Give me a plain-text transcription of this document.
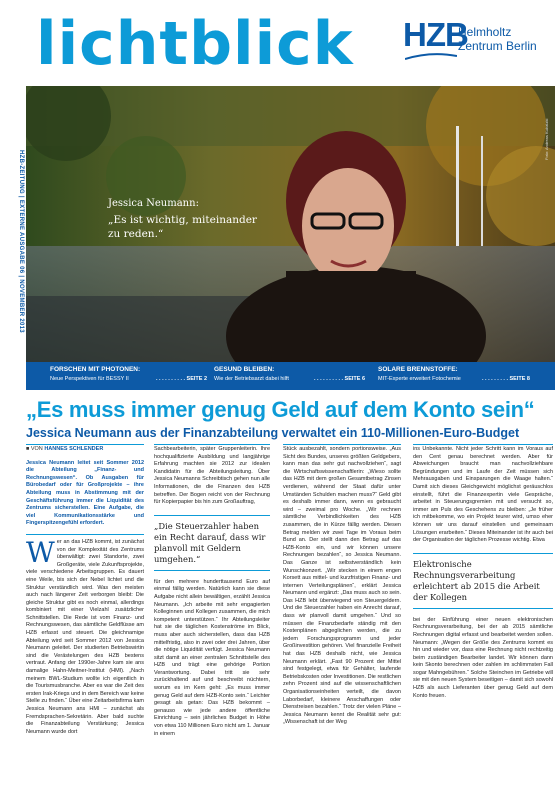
lichtblick HZB
Helmholtz
Zentrum Berlin
HZB-ZEITUNG | EXTERNE AUSGABE 06 | NOVEMBER 2013
Foto: Andreas Kubatzki
Jessica Neumann:
„Es ist wichtig, miteinander zu reden.“
FORSCHEN MIT PHOTONEN:
Neue Perspektiven für BESSY II	. . . . . . . . . . SEITE 2
GESUND BLEIBEN:
Wie der Betriebsarzt dabei hilft	. . . . . . . . . . SEITE 6
SOLARE BRENNSTOFFE:
MIT-Experte erweitert Fotochemie	. . . . . . . . . SEITE 8
„Es muss immer genug Geld auf dem Konto sein“
Jessica Neumann aus der Finanzabteilung verwaltet ein 110-Millionen-Euro-Budget
■ VON HANNES SCHLENDER
Jessica Neumann leitet seit Sommer 2012 die Abteilung „Finanz- und Rechnungswesen“. Ob Ausgaben für Bürobedarf oder für Großprojekte – ihre Abteilung muss in Abstimmung mit der Geschäftsführung immer die Liquidität des Zentrums sicherstellen. Eine Aufgabe, die viel Kommunikationsstärke und Fingerspitzengefühl erfordert.
Wer an das HZB kommt, ist zunächst von der Komplexität des Zentrums überwältigt: zwei Standorte, zwei Großgeräte, viele Zukunftsprojekte, viele verschiedene Arbeitsgruppen. Es dauert eine Weile, bis sich der Nebel lichtet und die Struktur verständlich wird. Was den meisten auch nach längerer Zeit verborgen bleibt: Die gleiche Struktur gibt es noch einmal, allerdings kombiniert mit einer Vielzahl zusätzlicher Schnittstellen. Die Rede ist vom Finanz- und Rechnungswesen, das sämtliche Geldflüsse am HZB erfasst und steuert. Die gleichnamige Abteilung wird seit Sommer 2012 von Jessica Neumann geleitet. Der studierten Betriebswirtin sind die Verästelungen des HZB bestens vertraut. Anfang der 1990er-Jahre kam sie ans damalige Hahn-Meitner-Institut (HMI). „Nach meinem BWL-Studium wollte ich eigentlich in die Tourismusbranche. Aber es war die Zeit des ersten Irak-Kriegs und in dem Bereich war keine Stelle zu finden.“ Über eine Zeitarbeitsfirma kam Jessica Neumann ans HMI – zunächst als Fremdsprachen-Sekretärin. Aber bald suchte die Finanzabteilung Verstärkung; Jessica Neumann wurde dort
Sachbearbeiterin, später Gruppenleiterin. Ihre hochqualifizierte Ausbildung und langjährige Erfahrung machten sie 2012 zur idealen Kandidatin für die Abteilungsleitung. Über Jessica Neumanns Schreibtisch gehen nun alle Informationen, die die Finanzen des HZB betreffen. Der Bogen reicht von der Rechnung für Kopierpapier bis hin zum Großauftrag,
„Die Steuerzahler haben ein Recht darauf, dass wir planvoll mit Geldern umgehen.“
für den mehrere hunderttausend Euro auf einmal fällig werden. Natürlich kann sie diese Aufgabe nicht allein bewältigen, erzählt Jessica Neumann. „Ich arbeite mit sehr engagierten Kolleginnen und Kollegen zusammen, die mich kompetent unterstützen.“ Ihr Abteilungsleiter hat sie die täglichen Kostenströme im Blick, muss aber auch sicherstellen, dass das HZB mittelfristig, also in zwei oder drei Jahren, über die nötige Liquidität verfügt. Jessica Neumann sitzt damit an einer zentralen Schnittstelle des HZB und trägt eine gehörige Portion Verantwortung. Dabei tritt sie sehr zurückhaltend auf und beschreibt nüchtern, worum es im Kern geht: „Es muss immer genug Geld auf dem HZB-Konto sein.“ Leichter gesagt als getan: Das HZB bekommt – genauso wie jede andere öffentliche Einrichtung – sein jährliches Budget in Höhe von etwa 110 Millionen Euro nicht am 1. Januar in einem
Stück ausbezahlt, sondern portionsweise. „Aus Sicht des Bundes, unseres größten Geldgebers, kann man das sehr gut nachvollziehen“, sagt die Wirtschaftswissenschaftlerin: „Wieso sollte das HZB mit dem großen Gesamtbetrag Zinsen verdienen, während der Staat dafür unter Umständen Schulden machen muss?“ Geld gibt es deshalb immer dann, wenn es gebraucht wird – zweimal pro Woche. „Wir rechnen sämtliche Verbindlichkeiten des HZB zusammen, die in Kürze fällig werden. Diesen Betrag melden wir zwei Tage im Voraus beim Bund an. Der stellt dann den Betrag auf das HZB-Konto ein, und wir können unsere Rechnungen bezahlen“, so Jessica Neumann. Das Ganze ist selbstverständlich kein Wunschkonzert. „Wir stecken in einem engen Korsett aus mittel- und kurzfristigen Finanz- und internen Verteilungsplänen“, erklärt Jessica Neumann und ergänzt: „Das muss auch so sein. Das HZB lebt überwiegend von Steuergeldern. Und die Steuerzahler haben ein Anrecht darauf, dass wir planvoll damit umgehen.“ Und so müssen die Finanzbedarfe ständig mit den Kostenplänen abgeglichen werden, die zu jedem Forschungsprogramm und jeder Großinvestition gehören. Viel finanzielle Freiheit hat das HZB deshalb nicht, wie Jessica Neumann erklärt. „Fast 90 Prozent der Mittel sind festgelegt, etwa für Gehälter, laufende Betriebskosten oder Investitionen. Die restlichen zehn Prozent sind auf die wissenschaftlichen Organisationseinheiten verteilt, die davon Laborbedarf, kleinere Anschaffungen oder Dienstreisen bezahlen.“ Trotz der vielen Pläne – Jessica Neumann kennt die Realität sehr gut: „Wissenschaft ist der Weg
ins Unbekannte. Nicht jeder Schritt kann im Voraus auf den Cent genau berechnet werden. Aber für Abweichungen braucht man nachvollziehbare Begründungen und im Laufe der Zeit müssen sich Mehrausgaben und Einsparungen die Waage halten.“ Damit sich dieses Gleichgewicht möglichst geräuschlos einstellt, führt die Finanzexpertin viele Gespräche, arbeitet in Steuerungsgremien mit und versucht so, immer am Puls des Geschehens zu bleiben: „Je früher ich mitbekomme, wo ein Projekt teurer wird, umso eher können wir uns darauf einstellen und gemeinsam Lösungen erarbeiten.“ Dieses Miteinander ist ihr auch bei der Organisation der täglichen Prozesse wichtig. Etwa
Elektronische Rechnungsverarbeitung erleichtert ab 2015 die Arbeit der Kollegen
bei der Einführung einer neuen elektronischen Rechnungsverarbeitung, bei der ab 2015 sämtliche Rechnungen digital erfasst und bearbeitet werden sollen. Neumann: „Wegen der Größe des Zentrums kommt es hin und wieder vor, dass eine Rechnung nicht rechtzeitig beim zuständigen Bearbeiter landet. Wir können dann kein Skonto berechnen oder zahlen im schlimmsten Fall sogar Mahngebühren.“ Solche Steinchen im Getriebe will sie mit den neuen System beseitigen – damit sich sowohl HZB als auch Lieferanten über genug Geld auf dem Konto freuen.
